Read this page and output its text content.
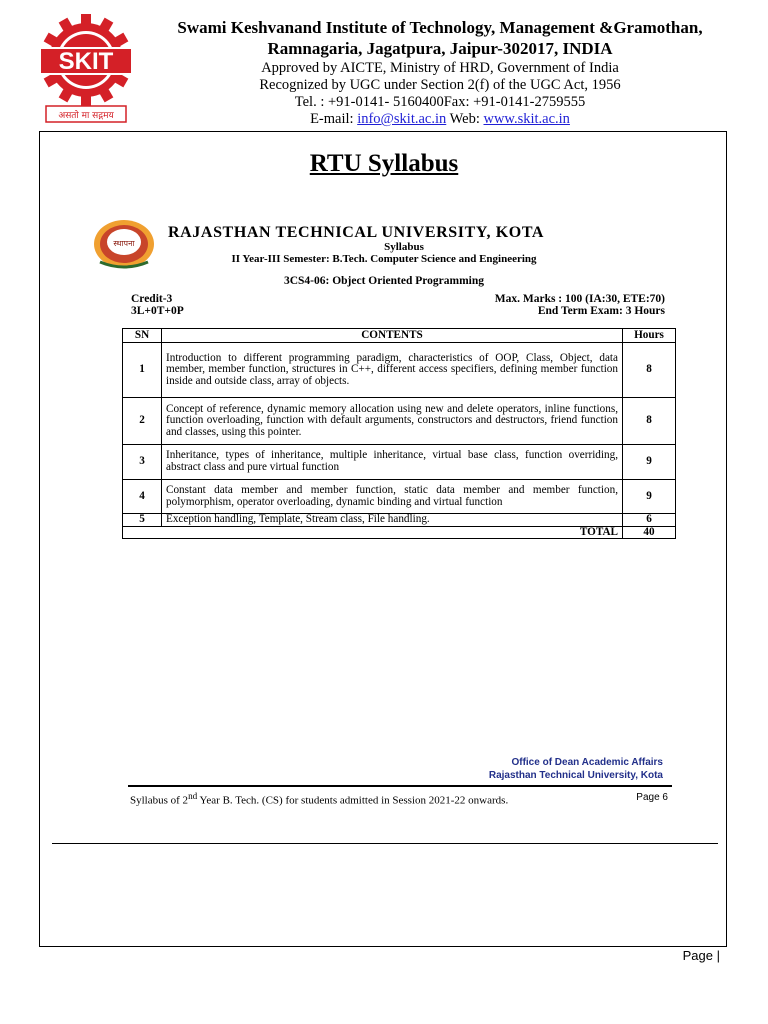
SKIT
असतो मा सद्गमय
Swami Keshvanand Institute of Technology, Management &Gramothan,
Ramnagaria, Jagatpura, Jaipur-302017, INDIA
Approved by AICTE, Ministry of HRD, Government of India
Recognized by UGC under Section 2(f) of the UGC Act, 1956
Tel. : +91-0141- 5160400Fax: +91-0141-2759555
E-mail: info@skit.ac.in Web: www.skit.ac.in
RTU Syllabus
स्थापना
RAJASTHAN TECHNICAL UNIVERSITY, KOTA
Syllabus
II Year-III Semester: B.Tech. Computer Science and Engineering
3CS4-06: Object Oriented Programming
Credit-3
3L+0T+0P
Max. Marks : 100 (IA:30, ETE:70)
End Term Exam: 3 Hours
SN	CONTENTS	Hours
1	Introduction to different programming paradigm, characteristics of OOP, Class, Object, data member, member function, structures in C++, different access specifiers, defining member function inside and outside class, array of objects.	8
2	Concept of reference, dynamic memory allocation using new and delete operators, inline functions, function overloading, function with default arguments, constructors and destructors, friend function and classes, using this pointer.	8
3	Inheritance, types of inheritance, multiple inheritance, virtual base class, function overriding, abstract class and pure virtual function	9
4	Constant data member and member function, static data member and member function, polymorphism, operator overloading, dynamic binding and virtual function	9
5	Exception handling, Template, Stream class, File handling.	6
	TOTAL	40
Office of Dean Academic Affairs
Rajasthan Technical University, Kota
Syllabus of 2nd Year B. Tech. (CS) for students admitted in Session 2021-22 onwards.	Page 6
Page |
